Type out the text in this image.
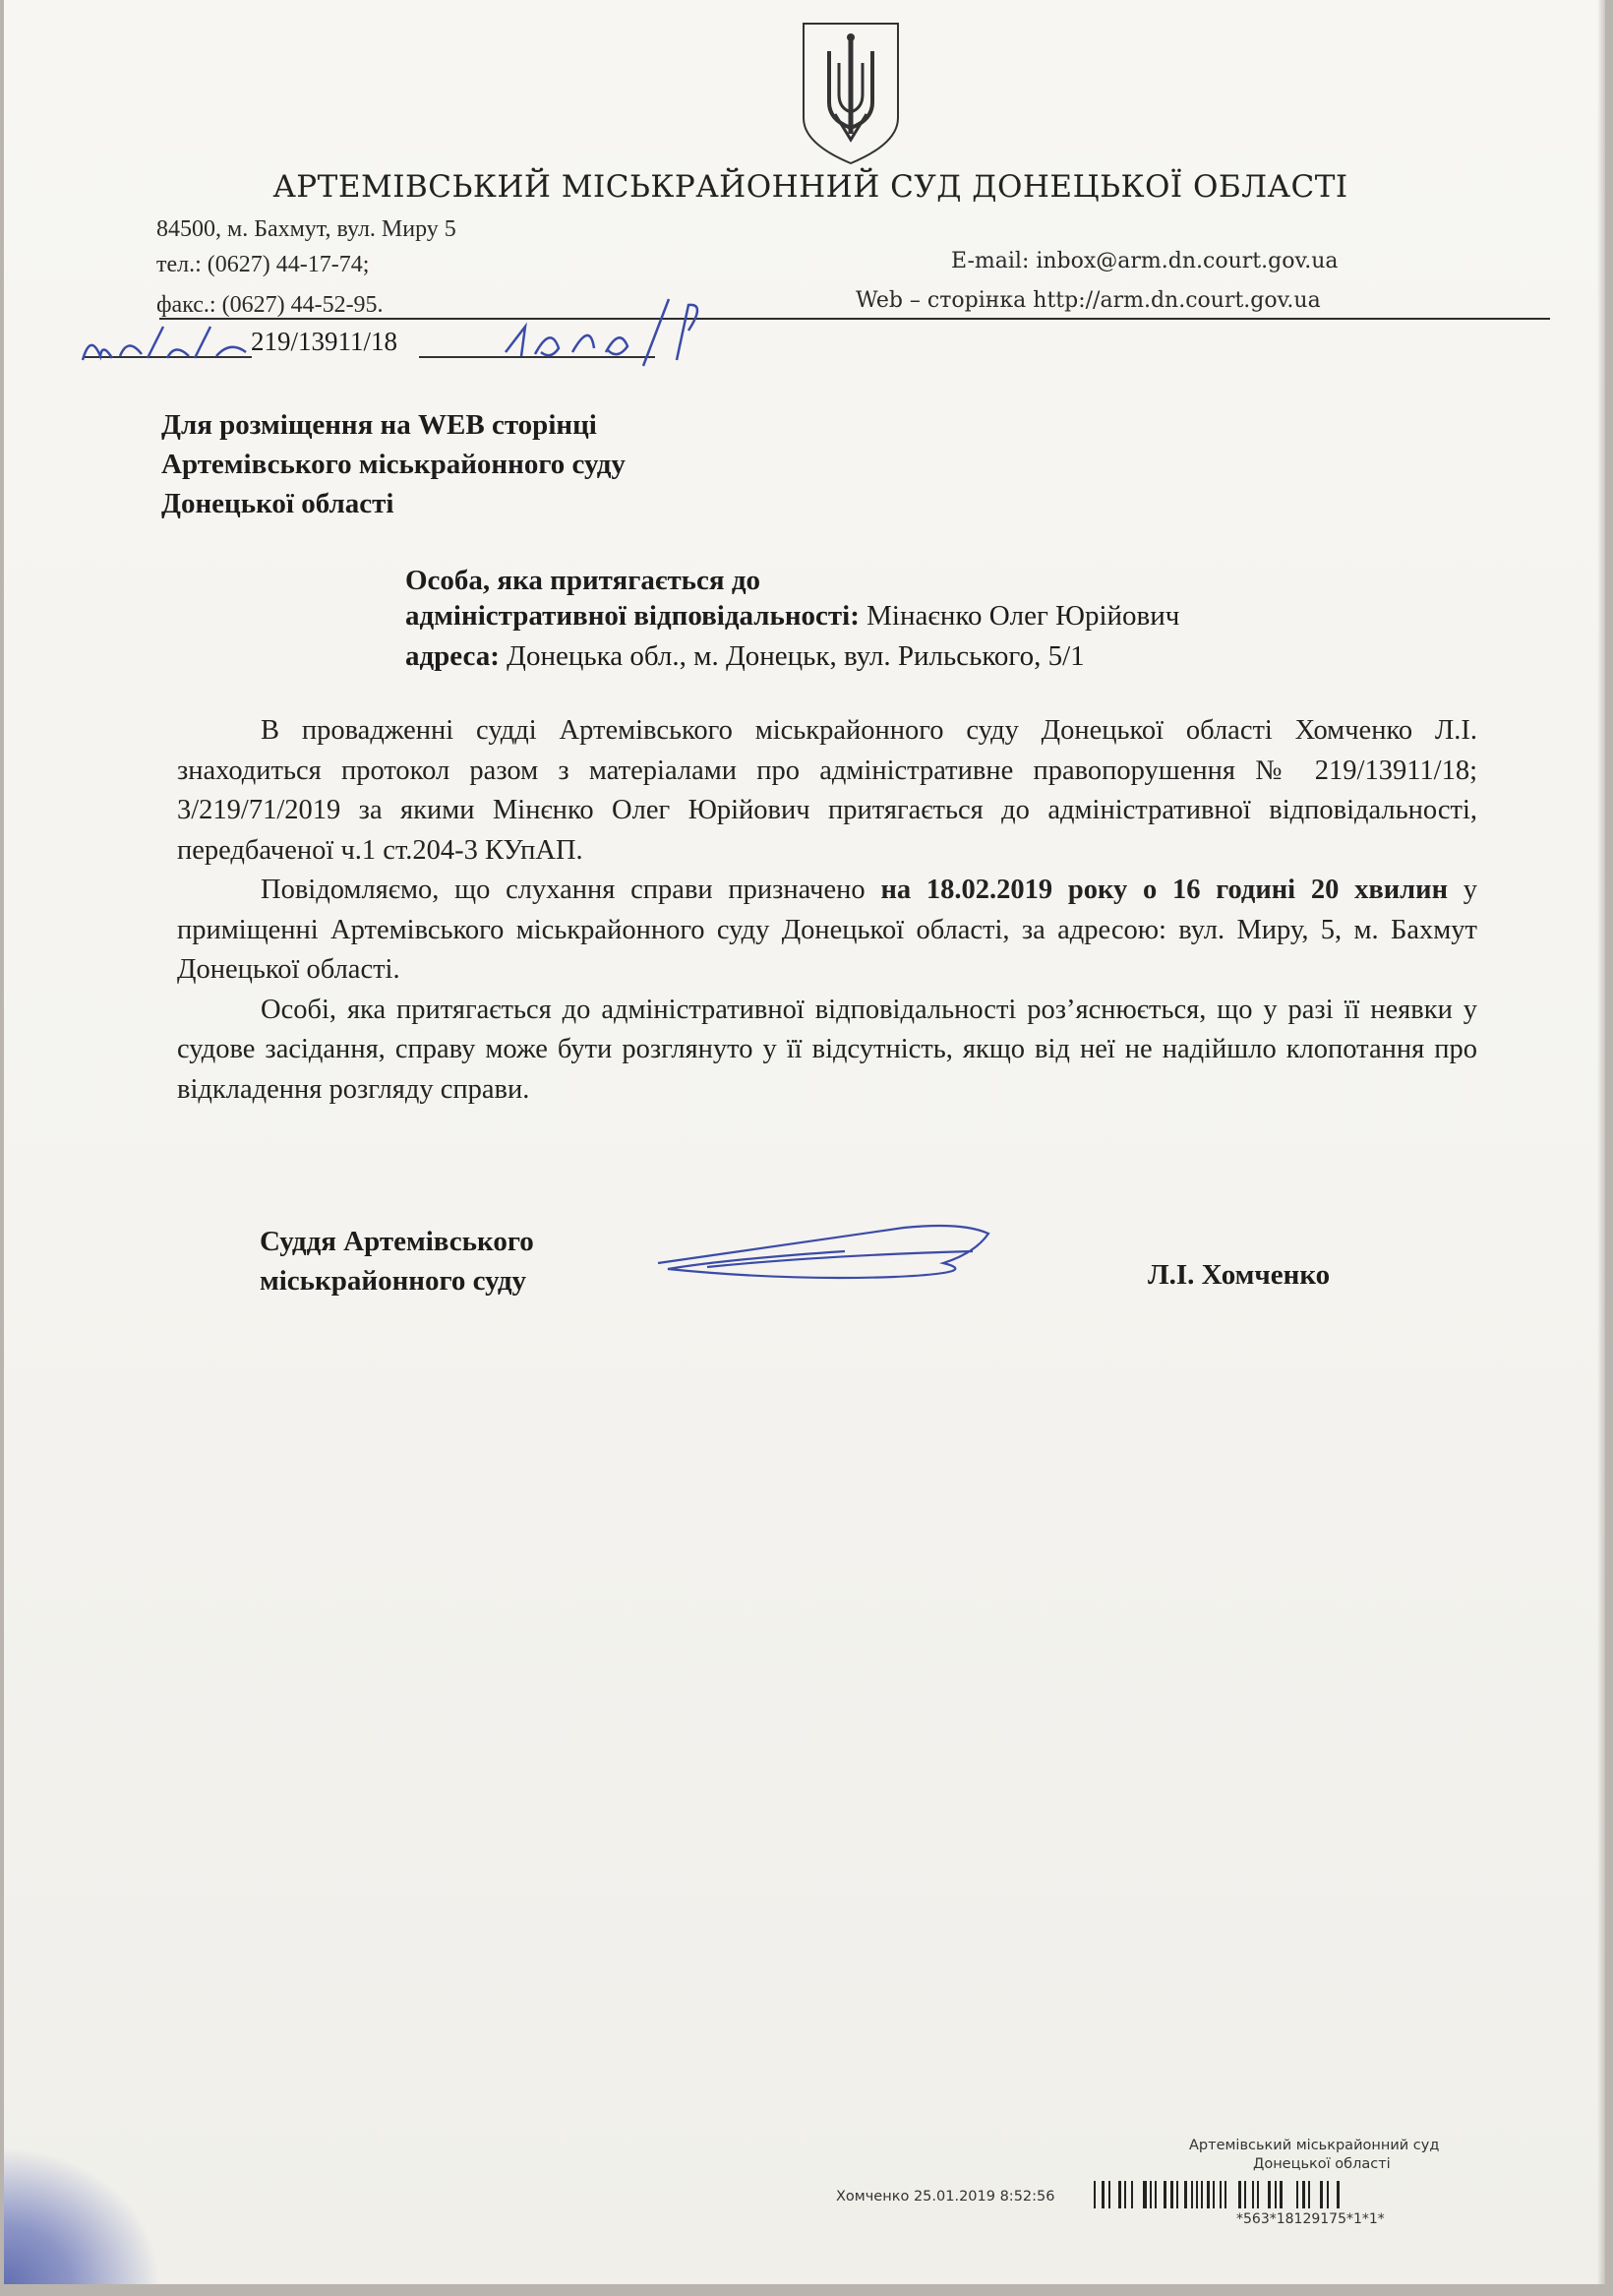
АРТЕМІВСЬКИЙ МІСЬКРАЙОННИЙ СУД ДОНЕЦЬКОЇ ОБЛАСТІ
84500, м. Бахмут, вул. Миру 5
тел.: (0627) 44-17-74;
факс.: (0627) 44-52-95.
E-mail: inbox@arm.dn.court.gov.ua
Web – сторінка http://arm.dn.court.gov.ua
219/13911/18
Для розміщення на WEB сторінці
Артемівського міськрайонного суду
Донецької області
Особа, яка притягається до
адміністративної відповідальності: Мінаєнко Олег Юрійович
адреса: Донецька обл., м. Донецьк, вул. Рильського, 5/1

В провадженні судді Артемівського міськрайонного суду Донецької області Хомченко Л.І. знаходиться протокол разом з матеріалами про адміністративне правопорушення № 219/13911/18; 3/219/71/2019 за якими Мінєнко Олег Юрійович притягається до адміністративної відповідальності, передбаченої ч.1 ст.204-3 КУпАП.

Повідомляємо, що слухання справи призначено на 18.02.2019 року о 16 годині 20 хвилин у приміщенні Артемівського міськрайонного суду Донецької області, за адресою: вул. Миру, 5, м. Бахмут Донецької області.

Особі, яка притягається до адміністративної відповідальності роз’яснюється, що у разі її неявки у судове засідання, справу може бути розглянуто у її відсутність, якщо від неї не надійшло клопотання про відкладення розгляду справи.

Суддя Артемівського
міськрайонного суду	Л.І. Хомченко
Артемівський міськрайонний суд
Донецької області
Хомченко 25.01.2019 8:52:56
*563*18129175*1*1*
